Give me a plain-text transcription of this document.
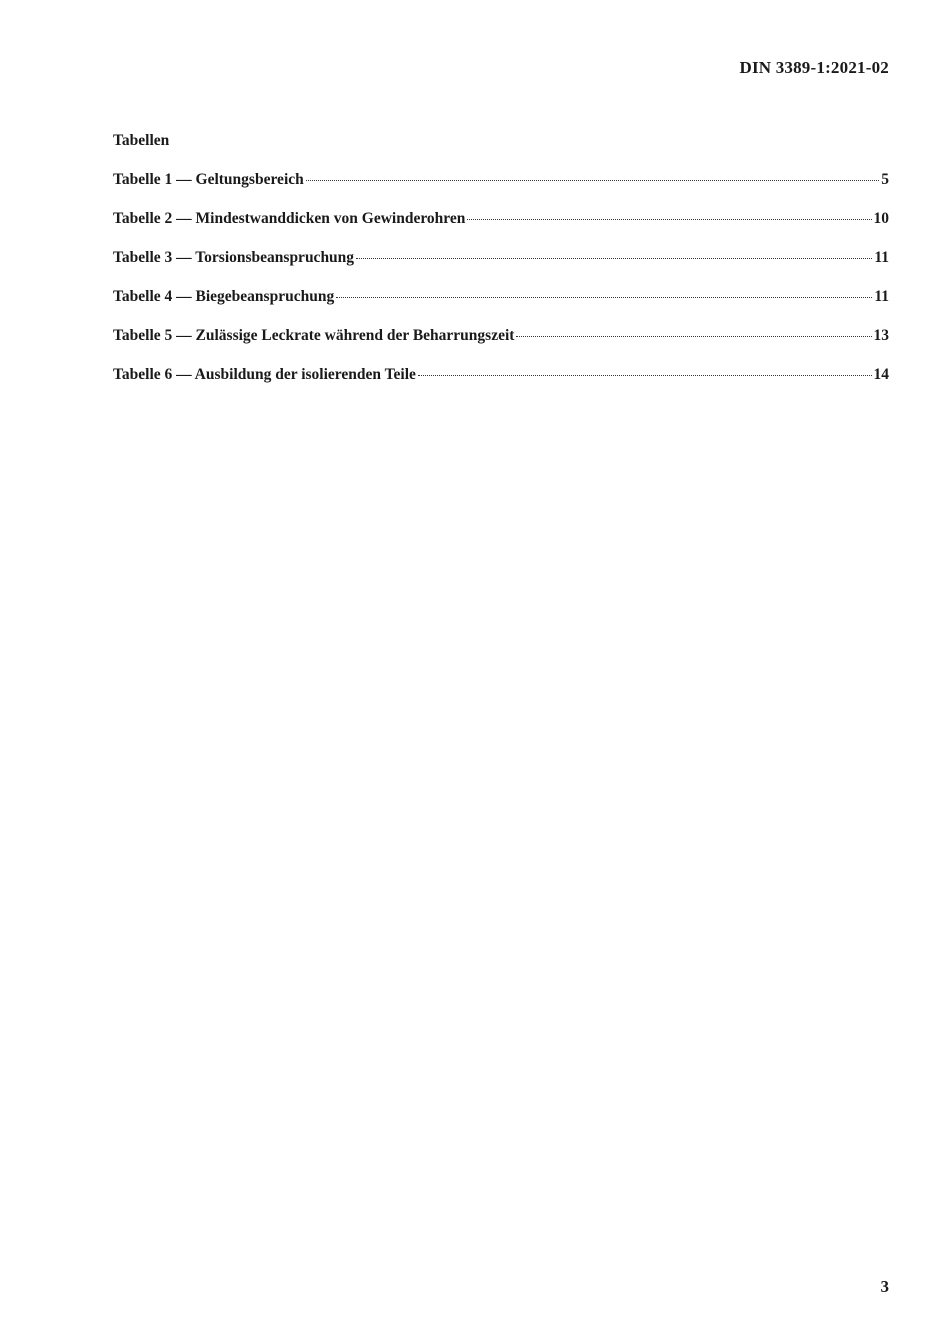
DIN 3389-1:2021-02
Tabellen
Tabelle 1 — Geltungsbereich	5
Tabelle 2 — Mindestwanddicken von Gewinderohren	10
Tabelle 3 — Torsionsbeanspruchung	11
Tabelle 4 — Biegebeanspruchung	11
Tabelle 5 — Zulässige Leckrate während der Beharrungszeit	13
Tabelle 6 — Ausbildung der isolierenden Teile	14
3
